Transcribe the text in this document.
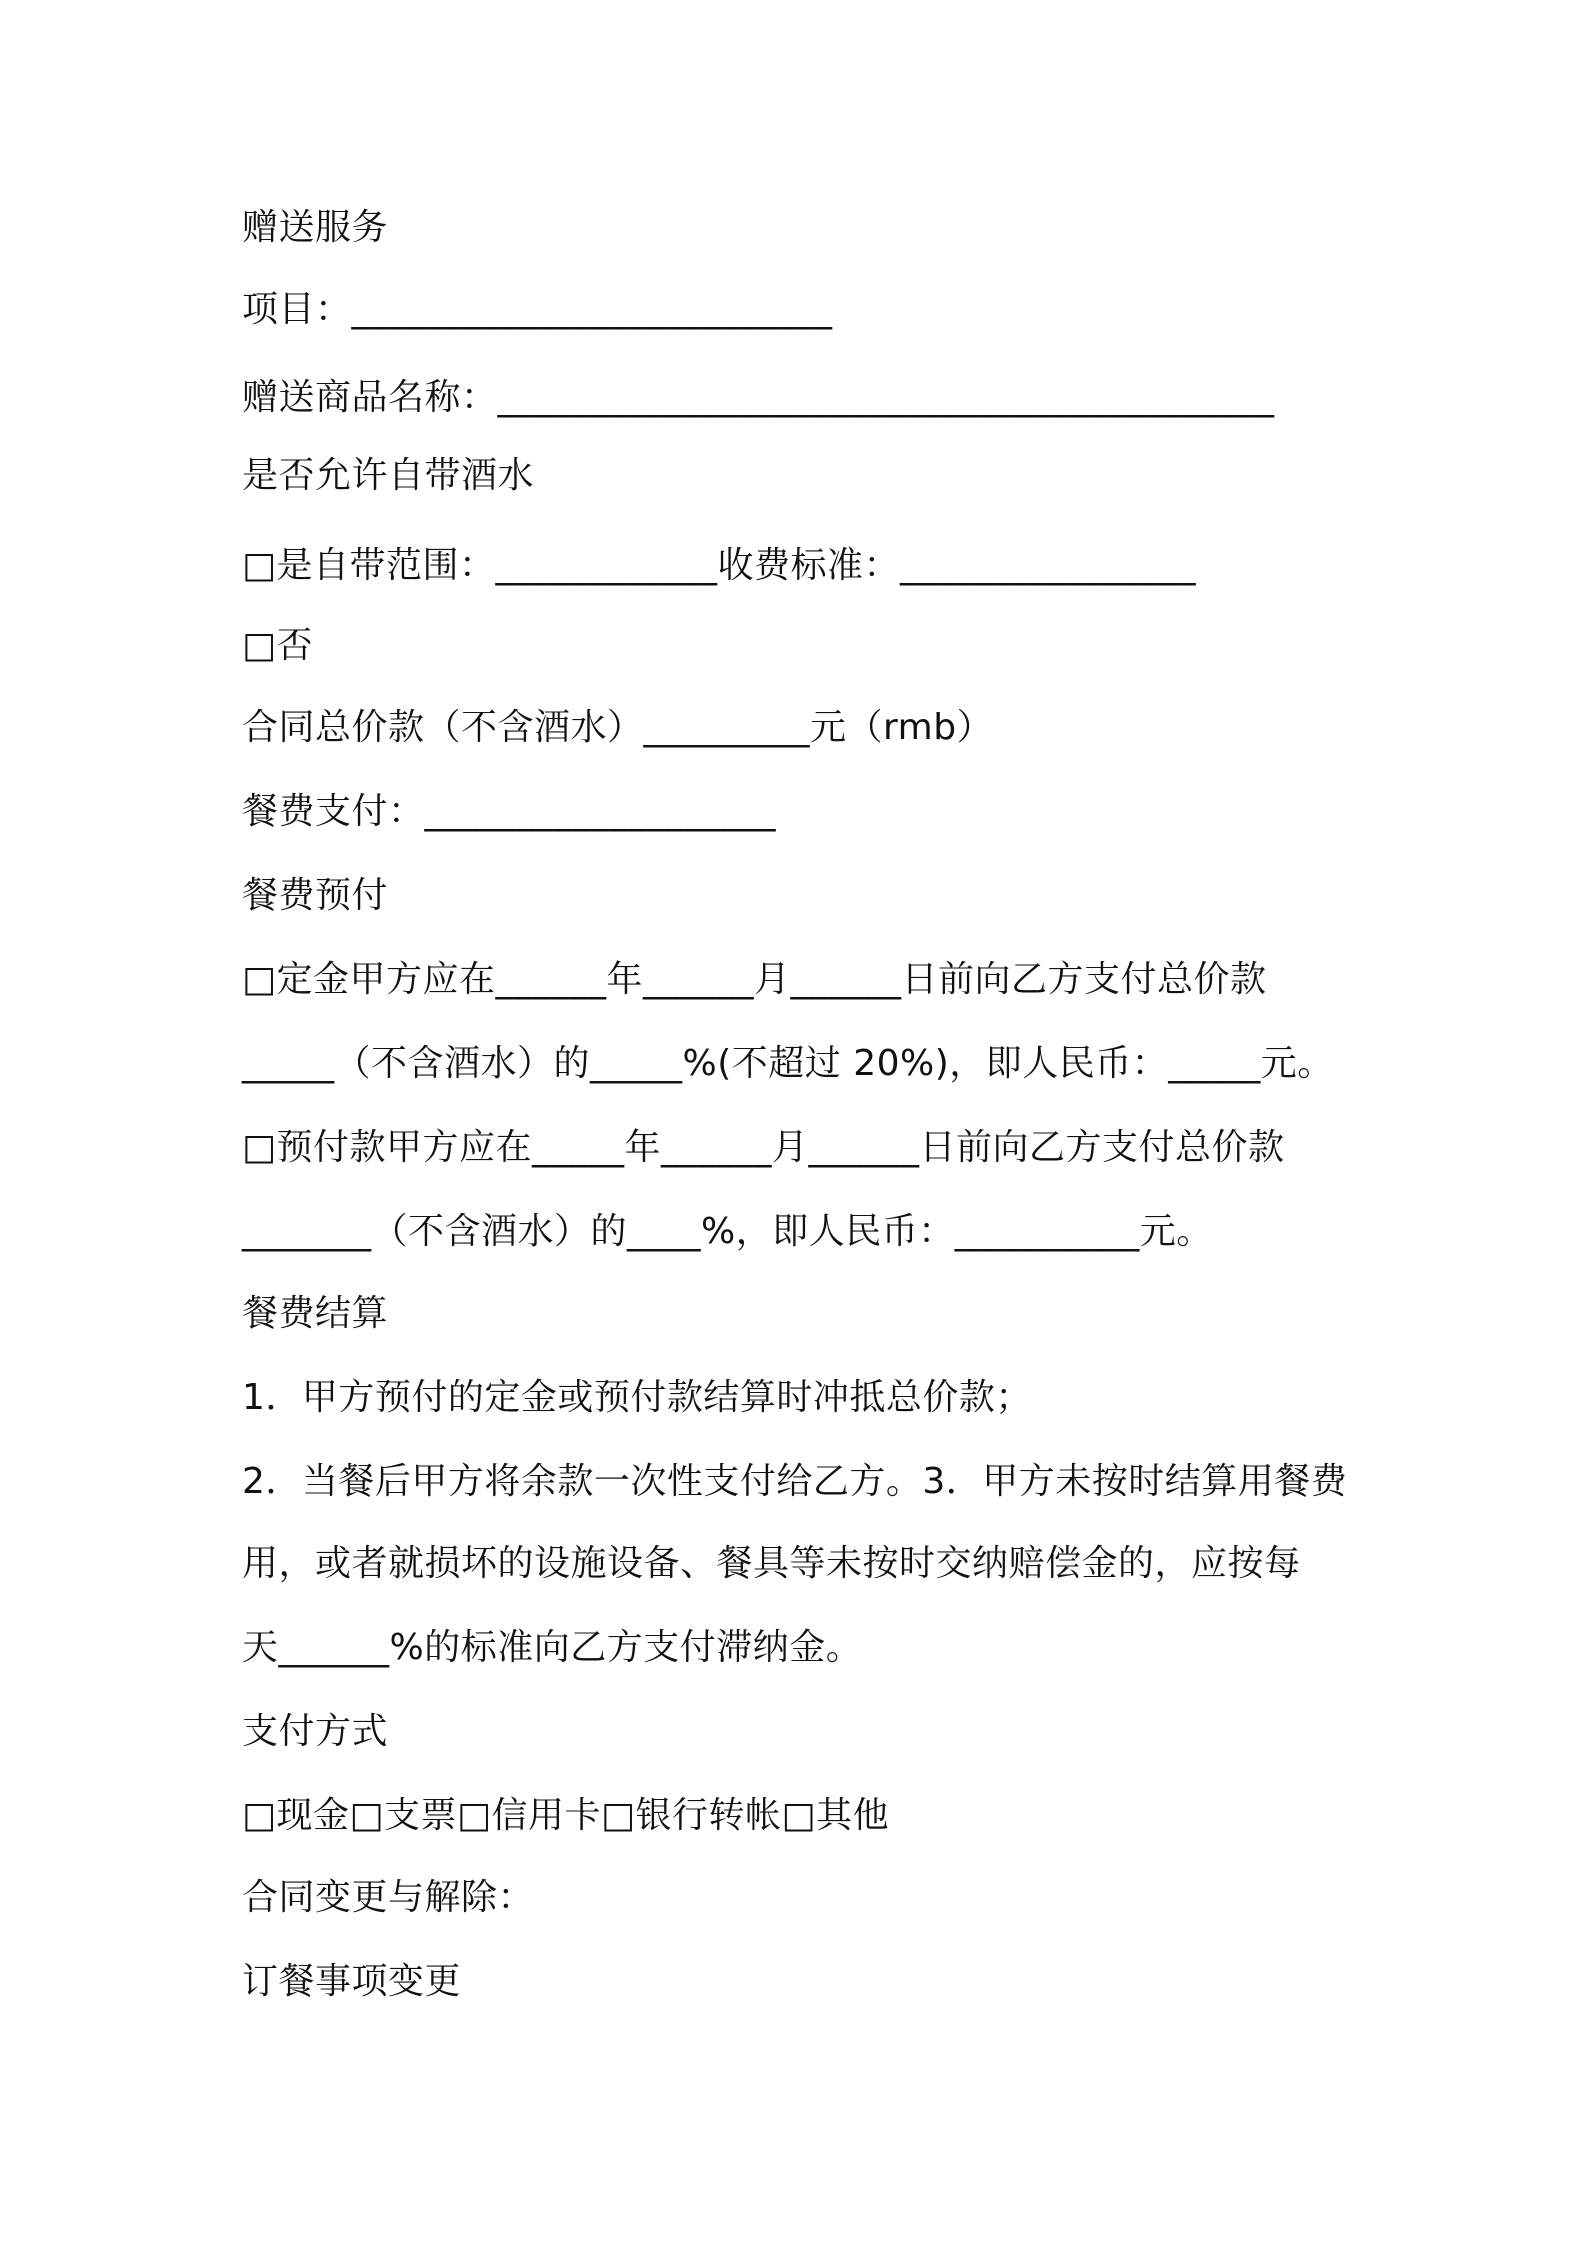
赠送服务
项目：__________________________
赠送商品名称：__________________________________________
是否允许自带酒水
□是自带范围：____________收费标准：________________
□否
合同总价款（不含酒水）_________元（rmb）
餐费支付：___________________
餐费预付
□定金甲方应在______年______月______日前向乙方支付总价款
_____（不含酒水）的_____%(不超过 20%)，即人民币：_____元。
□预付款甲方应在_____年______月______日前向乙方支付总价款
_______（不含酒水）的____%，即人民币：__________元。
餐费结算
1．甲方预付的定金或预付款结算时冲抵总价款；
2．当餐后甲方将余款一次性支付给乙方。3．甲方未按时结算用餐费
用，或者就损坏的设施设备、餐具等未按时交纳赔偿金的，应按每
天______%的标准向乙方支付滞纳金。
支付方式
□现金□支票□信用卡□银行转帐□其他
合同变更与解除：
订餐事项变更
